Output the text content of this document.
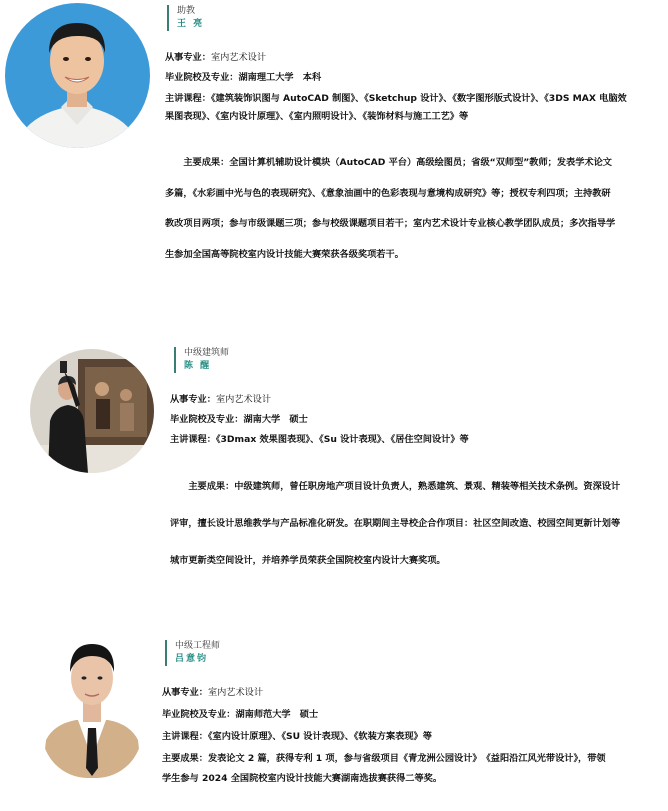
助教
王 亮
从事专业：室内艺术设计
毕业院校及专业：湖南理工大学　本科
主讲课程：《建筑装饰识图与 AutoCAD 制图》、《Sketchup 设计》、《数字图形版式设计》、《3DS MAX 电脑效
果图表现》、《室内设计原理》、《室内照明设计》、《装饰材料与施工工艺》等

　　主要成果：全国计算机辅助设计模块（AutoCAD 平台）高级绘图员；省级“双师型”教师；发表学术论文

多篇，《水彩画中光与色的表现研究》、《意象油画中的色彩表现与意境构成研究》等；授权专利四项；主持教研

教改项目两项；参与市级课题三项；参与校级课题项目若干；室内艺术设计专业核心教学团队成员；多次指导学

生参加全国高等院校室内设计技能大赛荣获各级奖项若干。

中级建筑师
陈 醒
从事专业：室内艺术设计
毕业院校及专业：湖南大学　硕士
主讲课程：《3Dmax 效果图表现》、《Su 设计表现》、《居住空间设计》等

　　主要成果：中级建筑师，曾任职房地产项目设计负责人，熟悉建筑、景观、精装等相关技术条例。资深设计

评审，擅长设计思维教学与产品标准化研发。在职期间主导校企合作项目：社区空间改造、校园空间更新计划等

城市更新类空间设计，并培养学员荣获全国院校室内设计大赛奖项。

中级工程师
吕意钧
从事专业：室内艺术设计
毕业院校及专业：湖南师范大学　硕士
主讲课程：《室内设计原理》、《SU 设计表现》、《软装方案表现》等
主要成果：发表论文 2 篇，获得专利 1 项，参与省级项目《青龙洲公园设计》　《益阳沿江风光带设计》，带领
学生参与 2024 全国院校室内设计技能大赛湖南选拔赛获得二等奖。
